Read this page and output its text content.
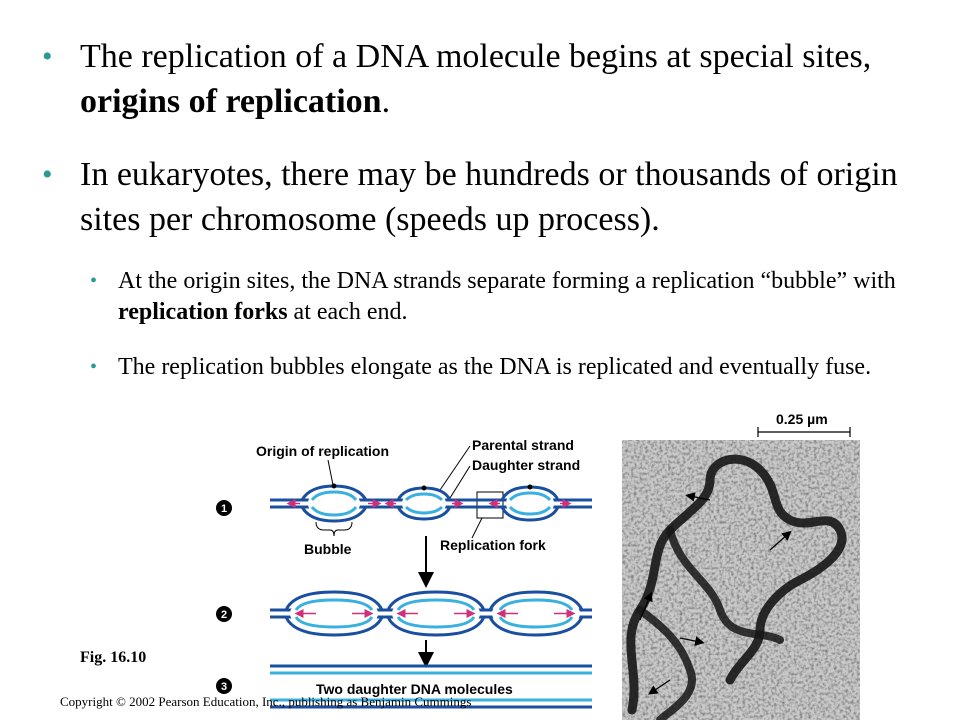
• The replication of a DNA molecule begins at special sites, origins of replication.
• In eukaryotes, there may be hundreds or thousands of origin sites per chromosome (speeds up process).
• At the origin sites, the DNA strands separate forming a replication “bubble” with replication forks at each end.
• The replication bubbles elongate as the DNA is replicated and eventually fuse.
Origin of replication	Parental strand
Daughter strand
Bubble	Replication fork
Two daughter DNA molecules
1
2
3
0.25 µm
Fig. 16.10
Copyright © 2002 Pearson Education, Inc., publishing as Benjamin Cummings
